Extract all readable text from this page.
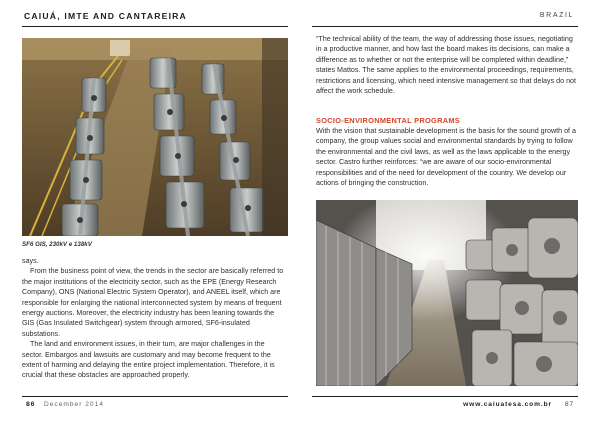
CAIUÁ, IMTE AND CANTAREIRA
SF6 GIS, 230kV e 138kV

says.

From the business point of view, the trends in the sector are basically referred to the major institutions of the electricity sector, such as the EPE (Energy Research Company), ONS (National Electric System Operator), and ANEEL itself, which are responsible for enlarging the national interconnected system by means of frequent energy auctions. Moreover, the electricity industry has been leaning towards the GIS (Gas Insulated Switchgear) system through armored, SF6-insulated substations.

The land and environment issues, in their turn, are major challenges in the sector. Embargos and lawsuits are customary and may become frequent to the extent of harming and delaying the entire project implementation. Therefore, it is crucial that these obstacles are approached properly.

86 December 2014
BRAZIL

“The technical ability of the team, the way of addressing those issues, negotiating in a productive manner, and how fast the board makes its decisions, can make a difference as to whether or not the enterprise will be completed within deadline,” states Mattos. The same applies to the environmental proceedings, requirements, restrictions and licensing, which need intensive management so that delays do not affect the work schedule.

SOCIO-ENVIRONMENTAL PROGRAMS

With the vision that sustainable development is the basis for the sound growth of a company, the group values social and environmental standards by trying to follow the environmental and the civil laws, as well as the laws applicable to the energy sector. Castro further reinforces: “we are aware of our socio-environmental responsibilities and of the need for development of the country. We develop our actions of bringing the construction.

www.caiuatesa.com.br 87
